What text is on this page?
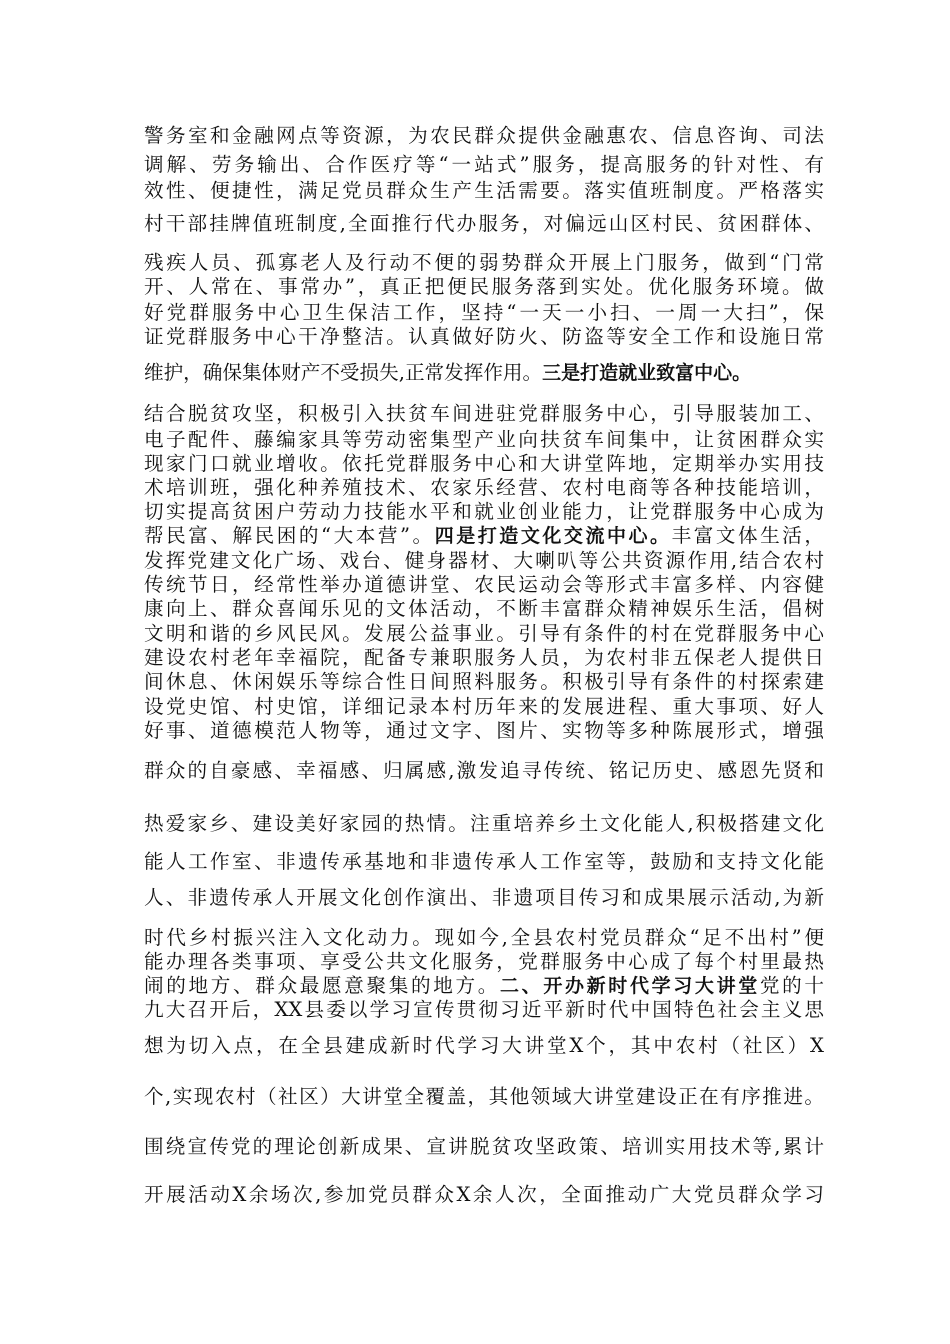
警务室和金融网点等资源，为农民群众提供金融惠农、信息咨询、司法
调解、劳务输出、合作医疗等“一站式”服务，提高服务的针对性、有
效性、便捷性，满足党员群众生产生活需要。落实值班制度。严格落实
村干部挂牌值班制度,全面推行代办服务，对偏远山区村民、贫困群体、
残疾人员、孤寡老人及行动不便的弱势群众开展上门服务，做到“门常
开、人常在、事常办”，真正把便民服务落到实处。优化服务环境。做
好党群服务中心卫生保洁工作，坚持“一天一小扫、一周一大扫”，保
证党群服务中心干净整洁。认真做好防火、防盗等安全工作和设施日常
维护，确保集体财产不受损失,正常发挥作用。三是打造就业致富中心。
结合脱贫攻坚，积极引入扶贫车间进驻党群服务中心，引导服装加工、
电子配件、藤编家具等劳动密集型产业向扶贫车间集中，让贫困群众实
现家门口就业增收。依托党群服务中心和大讲堂阵地，定期举办实用技
术培训班，强化种养殖技术、农家乐经营、农村电商等各种技能培训，
切实提高贫困户劳动力技能水平和就业创业能力，让党群服务中心成为
帮民富、解民困的“大本营”。四是打造文化交流中心。丰富文体生活，
发挥党建文化广场、戏台、健身器材、大喇叭等公共资源作用,结合农村
传统节日，经常性举办道德讲堂、农民运动会等形式丰富多样、内容健
康向上、群众喜闻乐见的文体活动，不断丰富群众精神娱乐生活，倡树
文明和谐的乡风民风。发展公益事业。引导有条件的村在党群服务中心
建设农村老年幸福院，配备专兼职服务人员，为农村非五保老人提供日
间休息、休闲娱乐等综合性日间照料服务。积极引导有条件的村探索建
设党史馆、村史馆，详细记录本村历年来的发展进程、重大事项、好人
好事、道德模范人物等，通过文字、图片、实物等多种陈展形式，增强
群众的自豪感、幸福感、归属感,激发追寻传统、铭记历史、感恩先贤和
热爱家乡、建设美好家园的热情。注重培养乡土文化能人,积极搭建文化
能人工作室、非遗传承基地和非遗传承人工作室等，鼓励和支持文化能
人、非遗传承人开展文化创作演出、非遗项目传习和成果展示活动,为新
时代乡村振兴注入文化动力。现如今,全县农村党员群众“足不出村”便
能办理各类事项、享受公共文化服务，党群服务中心成了每个村里最热
闹的地方、群众最愿意聚集的地方。二、开办新时代学习大讲堂党的十
九大召开后，XX县委以学习宣传贯彻习近平新时代中国特色社会主义思
想为切入点，在全县建成新时代学习大讲堂X个，其中农村（社区）X
个,实现农村（社区）大讲堂全覆盖，其他领域大讲堂建设正在有序推进。
围绕宣传党的理论创新成果、宣讲脱贫攻坚政策、培训实用技术等,累计
开展活动X余场次,参加党员群众X余人次，全面推动广大党员群众学习
